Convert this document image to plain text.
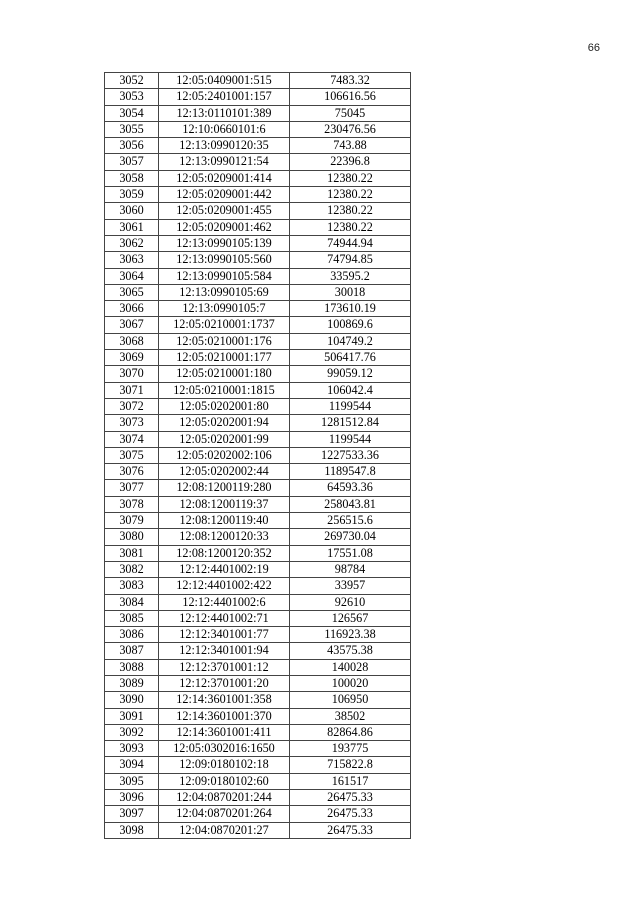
66
3052	12:05:0409001:515	7483.32
3053	12:05:2401001:157	106616.56
3054	12:13:0110101:389	75045
3055	12:10:0660101:6	230476.56
3056	12:13:0990120:35	743.88
3057	12:13:0990121:54	22396.8
3058	12:05:0209001:414	12380.22
3059	12:05:0209001:442	12380.22
3060	12:05:0209001:455	12380.22
3061	12:05:0209001:462	12380.22
3062	12:13:0990105:139	74944.94
3063	12:13:0990105:560	74794.85
3064	12:13:0990105:584	33595.2
3065	12:13:0990105:69	30018
3066	12:13:0990105:7	173610.19
3067	12:05:0210001:1737	100869.6
3068	12:05:0210001:176	104749.2
3069	12:05:0210001:177	506417.76
3070	12:05:0210001:180	99059.12
3071	12:05:0210001:1815	106042.4
3072	12:05:0202001:80	1199544
3073	12:05:0202001:94	1281512.84
3074	12:05:0202001:99	1199544
3075	12:05:0202002:106	1227533.36
3076	12:05:0202002:44	1189547.8
3077	12:08:1200119:280	64593.36
3078	12:08:1200119:37	258043.81
3079	12:08:1200119:40	256515.6
3080	12:08:1200120:33	269730.04
3081	12:08:1200120:352	17551.08
3082	12:12:4401002:19	98784
3083	12:12:4401002:422	33957
3084	12:12:4401002:6	92610
3085	12:12:4401002:71	126567
3086	12:12:3401001:77	116923.38
3087	12:12:3401001:94	43575.38
3088	12:12:3701001:12	140028
3089	12:12:3701001:20	100020
3090	12:14:3601001:358	106950
3091	12:14:3601001:370	38502
3092	12:14:3601001:411	82864.86
3093	12:05:0302016:1650	193775
3094	12:09:0180102:18	715822.8
3095	12:09:0180102:60	161517
3096	12:04:0870201:244	26475.33
3097	12:04:0870201:264	26475.33
3098	12:04:0870201:27	26475.33
